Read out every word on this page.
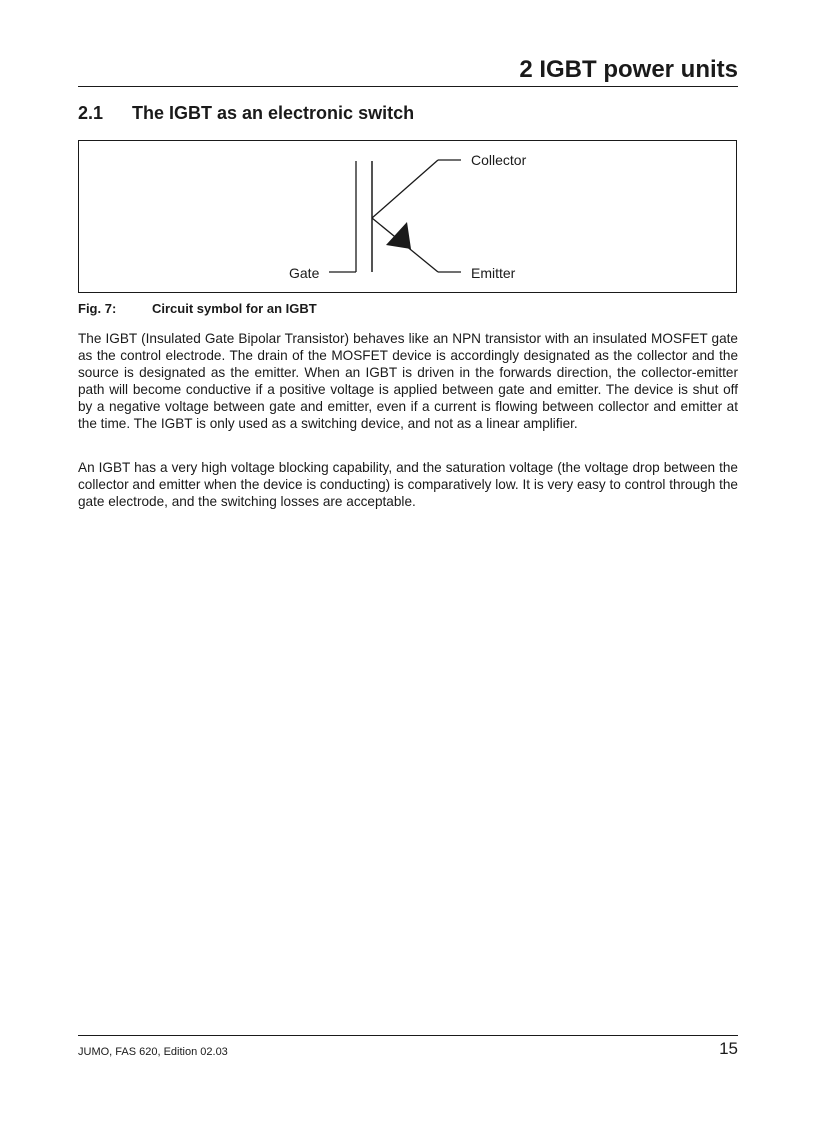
2 IGBT power units
2.1 The IGBT as an electronic switch
Collector
Emitter
Gate
Fig. 7:	Circuit symbol for an IGBT

The IGBT (Insulated Gate Bipolar Transistor) behaves like an NPN transistor with an insulated MOSFET gate as the control electrode. The drain of the MOSFET device is accordingly designated as the collector and the source is designated as the emitter. When an IGBT is driven in the forwards direction, the collector-emitter path will become conductive if a positive voltage is applied between gate and emitter. The device is shut off by a negative voltage between gate and emitter, even if a current is flowing between collector and emitter at the time. The IGBT is only used as a switching device, and not as a linear amplifier.

An IGBT has a very high voltage blocking capability, and the saturation voltage (the voltage drop between the collector and emitter when the device is conducting) is comparatively low. It is very easy to control through the gate electrode, and the switching losses are acceptable.

JUMO, FAS 620, Edition 02.03	15
